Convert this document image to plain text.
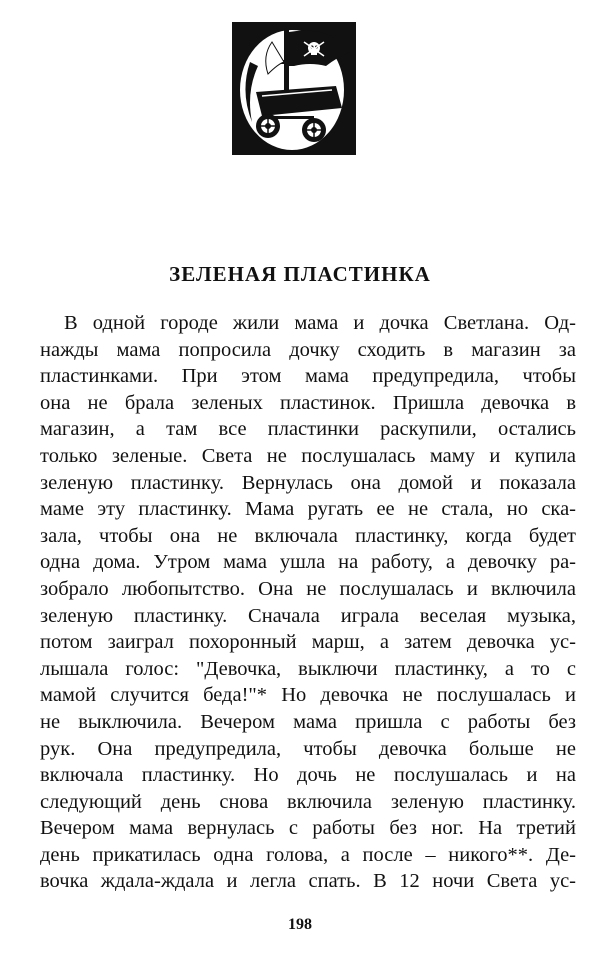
ЗЕЛЕНАЯ ПЛАСТИНКА
В одной городе жили мама и дочка Светлана. Од-
нажды мама попросила дочку сходить в магазин за
пластинками. При этом мама предупредила, чтобы
она не брала зеленых пластинок. Пришла девочка в
магазин, а там все пластинки раскупили, остались
только зеленые. Света не послушалась маму и купила
зеленую пластинку. Вернулась она домой и показала
маме эту пластинку. Мама ругать ее не стала, но ска-
зала, чтобы она не включала пластинку, когда будет
одна дома. Утром мама ушла на работу, а девочку ра-
зобрало любопытство. Она не послушалась и включила
зеленую пластинку. Сначала играла веселая музыка,
потом заиграл похоронный марш, а затем девочка ус-
лышала голос: "Девочка, выключи пластинку, а то с
мамой случится беда!"* Но девочка не послушалась и
не выключила. Вечером мама пришла с работы без
рук. Она предупредила, чтобы девочка больше не
включала пластинку. Но дочь не послушалась и на
следующий день снова включила зеленую пластинку.
Вечером мама вернулась с работы без ног. На третий
день прикатилась одна голова, а после – никого**. Де-
вочка ждала-ждала и легла спать. В 12 ночи Света ус-
198
